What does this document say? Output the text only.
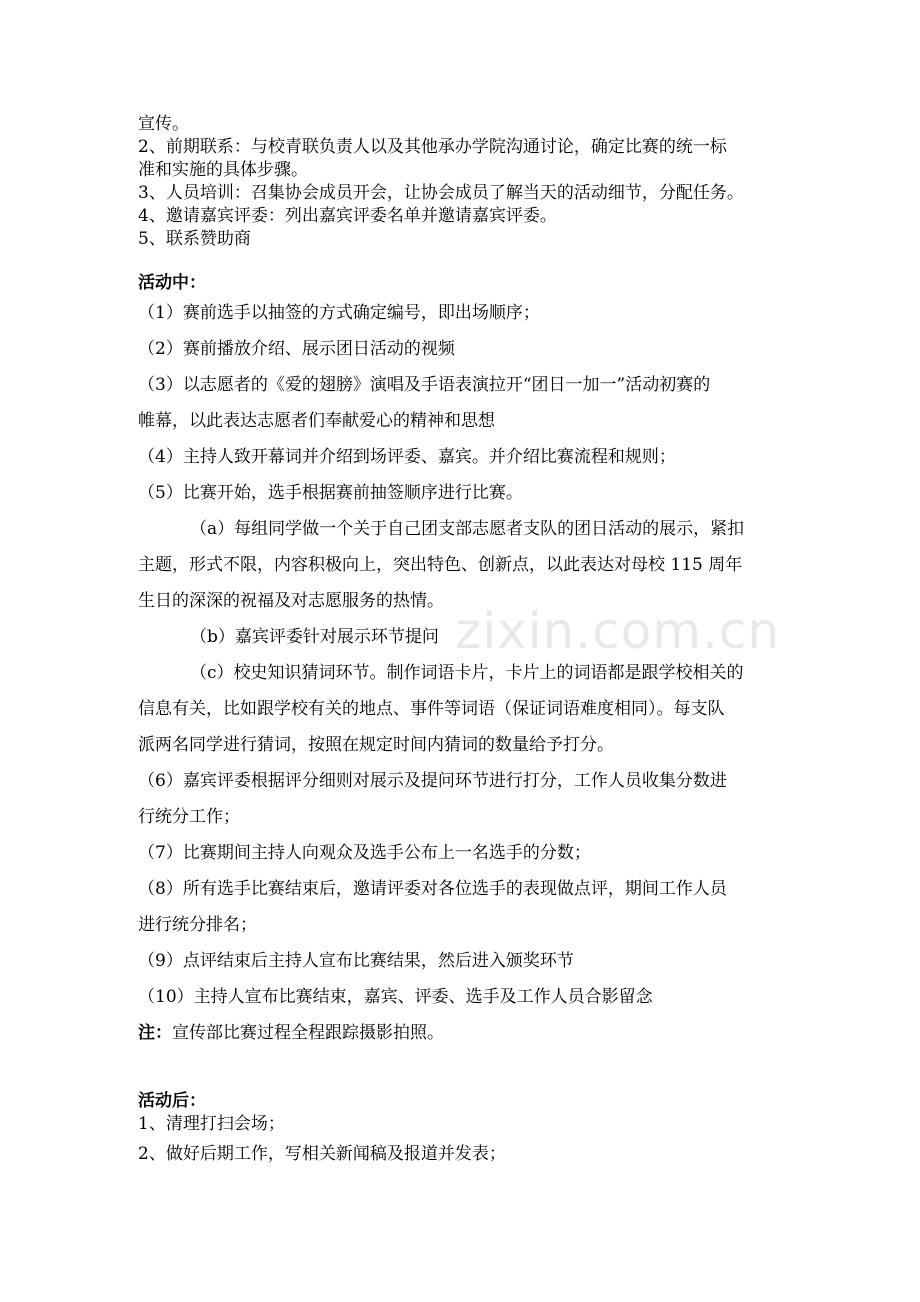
宣传。

2、前期联系：与校青联负责人以及其他承办学院沟通讨论，确定比赛的统一标

准和实施的具体步骤。

3、人员培训：召集协会成员开会，让协会成员了解当天的活动细节，分配任务。

4、邀请嘉宾评委：列出嘉宾评委名单并邀请嘉宾评委。

5、联系赞助商

活动中：

（1）赛前选手以抽签的方式确定编号，即出场顺序；

（2）赛前播放介绍、展示团日活动的视频

（3）以志愿者的《爱的翅膀》演唱及手语表演拉开“团日一加一”活动初赛的

帷幕，以此表达志愿者们奉献爱心的精神和思想

（4）主持人致开幕词并介绍到场评委、嘉宾。并介绍比赛流程和规则；

（5）比赛开始，选手根据赛前抽签顺序进行比赛。

（a）每组同学做一个关于自己团支部志愿者支队的团日活动的展示，紧扣

主题，形式不限，内容积极向上，突出特色、创新点，以此表达对母校 115 周年

生日的深深的祝福及对志愿服务的热情。

（b）嘉宾评委针对展示环节提问

（c）校史知识猜词环节。制作词语卡片，卡片上的词语都是跟学校相关的

信息有关，比如跟学校有关的地点、事件等词语（保证词语难度相同）。每支队

派两名同学进行猜词，按照在规定时间内猜词的数量给予打分。

（6）嘉宾评委根据评分细则对展示及提问环节进行打分，工作人员收集分数进

行统分工作；

（7）比赛期间主持人向观众及选手公布上一名选手的分数；

（8）所有选手比赛结束后，邀请评委对各位选手的表现做点评，期间工作人员

进行统分排名；

（9）点评结束后主持人宣布比赛结果，然后进入颁奖环节

（10）主持人宣布比赛结束，嘉宾、评委、选手及工作人员合影留念

注：宣传部比赛过程全程跟踪摄影拍照。

活动后：

1、清理打扫会场；

2、做好后期工作，写相关新闻稿及报道并发表；

zixin.com.cn
